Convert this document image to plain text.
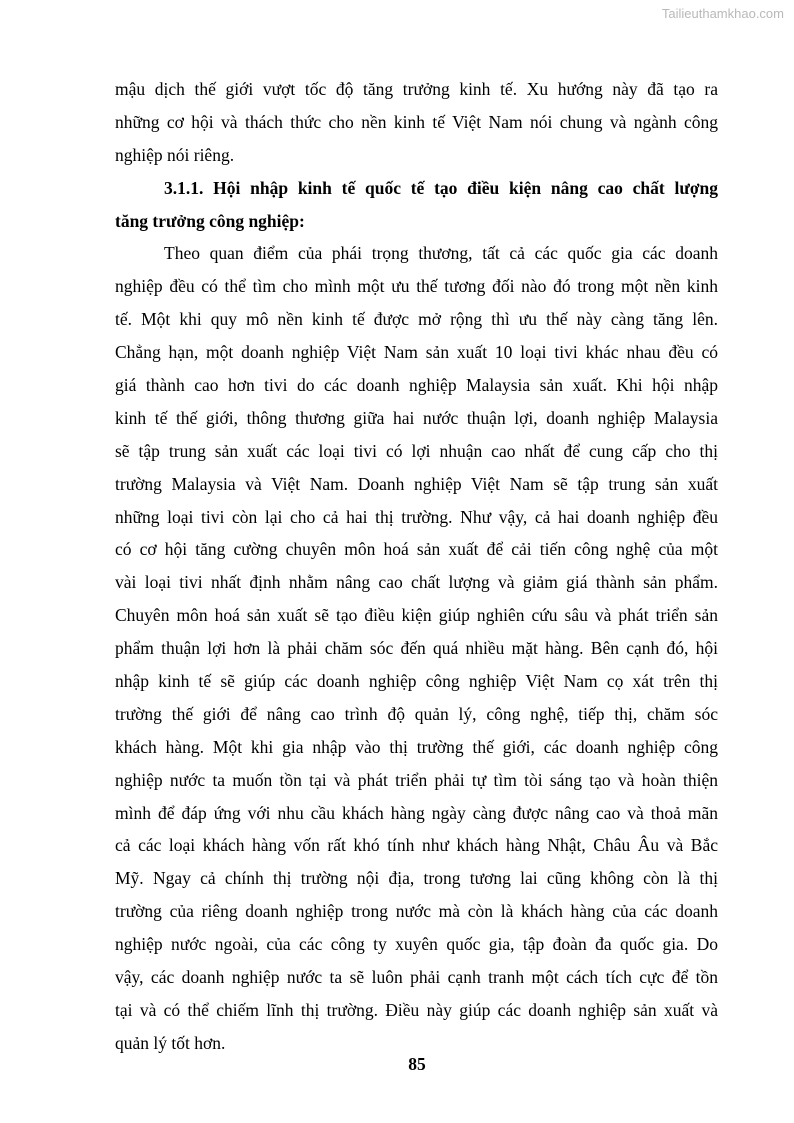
Tailieuthamkhao.com
mậu dịch thế giới vượt tốc độ tăng trưởng kinh tế. Xu hướng này đã tạo ra
những cơ hội và thách thức cho nền kinh tế Việt Nam nói chung và ngành công
nghiệp nói riêng.
3.1.1. Hội nhập kinh tế quốc tế tạo điều kiện nâng cao chất lượng
tăng trưởng công nghiệp:
Theo quan điểm của phái trọng thương, tất cả các quốc gia các doanh
nghiệp đều có thể tìm cho mình một ưu thế tương đối nào đó trong một nền kinh
tế. Một khi quy mô nền kinh tế được mở rộng thì ưu thế này càng tăng lên.
Chẳng hạn, một doanh nghiệp Việt Nam sản xuất 10 loại tivi khác nhau đều có
giá thành cao hơn tivi do các doanh nghiệp Malaysia sản xuất. Khi hội nhập
kinh tế thế giới, thông thương giữa hai nước thuận lợi, doanh nghiệp Malaysia
sẽ tập trung sản xuất các loại tivi có lợi nhuận cao nhất để cung cấp cho thị
trường Malaysia và Việt Nam. Doanh nghiệp Việt Nam sẽ tập trung sản xuất
những loại tivi còn lại cho cả hai thị trường. Như vậy, cả hai doanh nghiệp đều
có cơ hội tăng cường chuyên môn hoá sản xuất để cải tiến công nghệ của một
vài loại tivi nhất định nhằm nâng cao chất lượng và giảm giá thành sản phẩm.
Chuyên môn hoá sản xuất sẽ tạo điều kiện giúp nghiên cứu sâu và phát triển sản
phẩm thuận lợi hơn là phải chăm sóc đến quá nhiều mặt hàng. Bên cạnh đó, hội
nhập kinh tế sẽ giúp các doanh nghiệp công nghiệp Việt Nam cọ xát trên thị
trường thế giới để nâng cao trình độ quản lý, công nghệ, tiếp thị, chăm sóc
khách hàng. Một khi gia nhập vào thị trường thế giới, các doanh nghiệp công
nghiệp nước ta muốn tồn tại và phát triển phải tự tìm tòi sáng tạo và hoàn thiện
mình để đáp ứng với nhu cầu khách hàng ngày càng được nâng cao và thoả mãn
cả các loại khách hàng vốn rất khó tính như khách hàng Nhật, Châu Âu và Bắc
Mỹ. Ngay cả chính thị trường nội địa, trong tương lai cũng không còn là thị
trường của riêng doanh nghiệp trong nước mà còn là khách hàng của các doanh
nghiệp nước ngoài, của các công ty xuyên quốc gia, tập đoàn đa quốc gia. Do
vậy, các doanh nghiệp nước ta sẽ luôn phải cạnh tranh một cách tích cực để tồn
tại và có thể chiếm lĩnh thị trường. Điều này giúp các doanh nghiệp sản xuất và
quản lý tốt hơn.
85
